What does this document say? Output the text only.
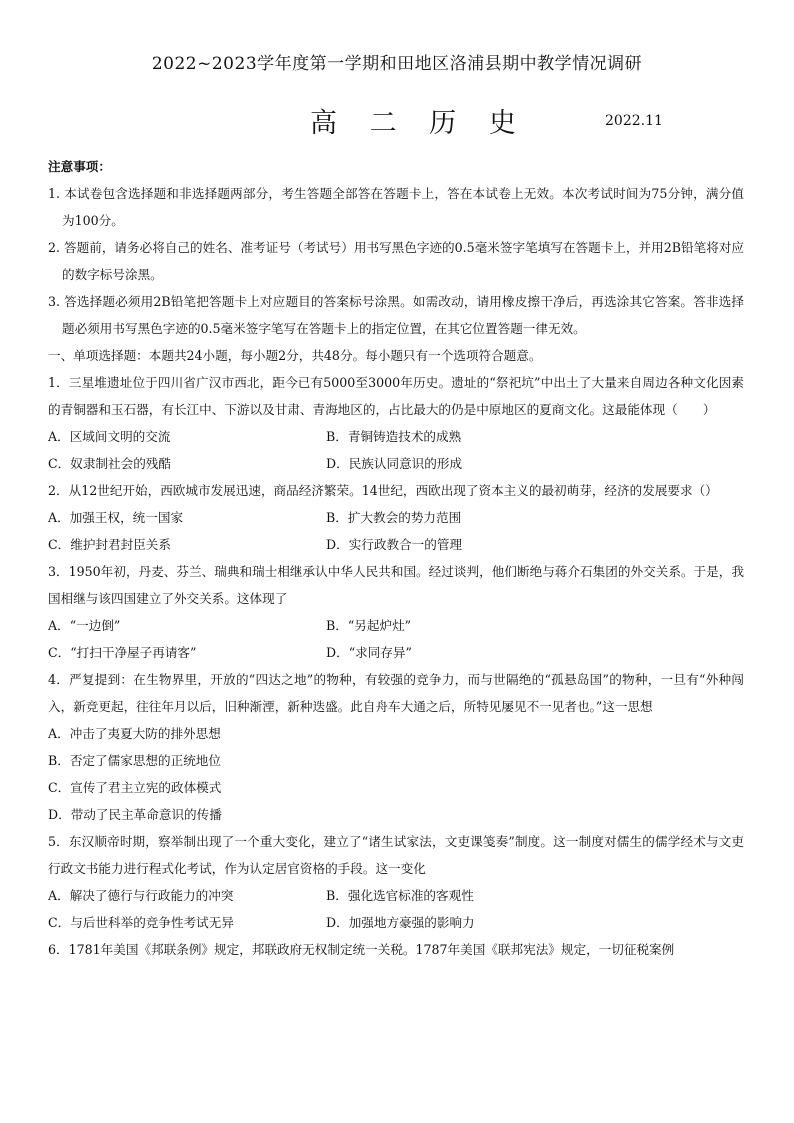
2022~2023学年度第一学期和田地区洛浦县期中教学情况调研
高 二 历 史	2022.11

注意事项：

1. 本试卷包含选择题和非选择题两部分，考生答题全部答在答题卡上，答在本试卷上无效。本次考试时间为75分钟，满分值为100分。

2. 答题前，请务必将自己的姓名、准考证号（考试号）用书写黑色字迹的0.5毫米签字笔填写在答题卡上，并用2B铅笔将对应的数字标号涂黑。

3. 答选择题必须用2B铅笔把答题卡上对应题目的答案标号涂黑。如需改动，请用橡皮擦干净后，再选涂其它答案。答非选择题必须用书写黑色字迹的0.5毫米签字笔写在答题卡上的指定位置，在其它位置答题一律无效。

一、单项选择题：本题共24小题，每小题2分，共48分。每小题只有一个选项符合题意。

1．三星堆遗址位于四川省广汉市西北，距今已有5000至3000年历史。遗址的“祭祀坑”中出土了大量来自周边各种文化因素的青铜器和玉石器，有长江中、下游以及甘肃、青海地区的，占比最大的仍是中原地区的夏商文化。这最能体现（　　）

A．区域间文明的交流	B．青铜铸造技术的成熟
C．奴隶制社会的残酷	D．民族认同意识的形成

2．从12世纪开始，西欧城市发展迅速，商品经济繁荣。14世纪，西欧出现了资本主义的最初萌芽，经济的发展要求（）

A．加强王权，统一国家	B．扩大教会的势力范围
C．维护封君封臣关系	D．实行政教合一的管理

3．1950年初，丹麦、芬兰、瑞典和瑞士相继承认中华人民共和国。经过谈判，他们断绝与蒋介石集团的外交关系。于是，我国相继与该四国建立了外交关系。这体现了

A．“一边倒”	B．“另起炉灶”
C．“打扫干净屋子再请客”	D．“求同存异”

4．严复提到：在生物界里，开放的“四达之地”的物种，有较强的竞争力，而与世隔绝的“孤悬岛国”的物种，一旦有“外种闯入，新竞更起，往往年月以后，旧种渐湮，新种迭盛。此自舟车大通之后，所特见屡见不一见者也。”这一思想

A．冲击了夷夏大防的排外思想
B．否定了儒家思想的正统地位
C．宣传了君主立宪的政体模式
D．带动了民主革命意识的传播

5．东汉顺帝时期，察举制出现了一个重大变化，建立了“诸生试家法，文吏课笺奏”制度。这一制度对儒生的儒学经术与文吏行政文书能力进行程式化考试，作为认定居官资格的手段。这一变化

A．解决了德行与行政能力的冲突	B．强化选官标准的客观性
C．与后世科举的竞争性考试无异	D．加强地方豪强的影响力

6．1781年美国《邦联条例》规定，邦联政府无权制定统一关税。1787年美国《联邦宪法》规定，一切征税案例
